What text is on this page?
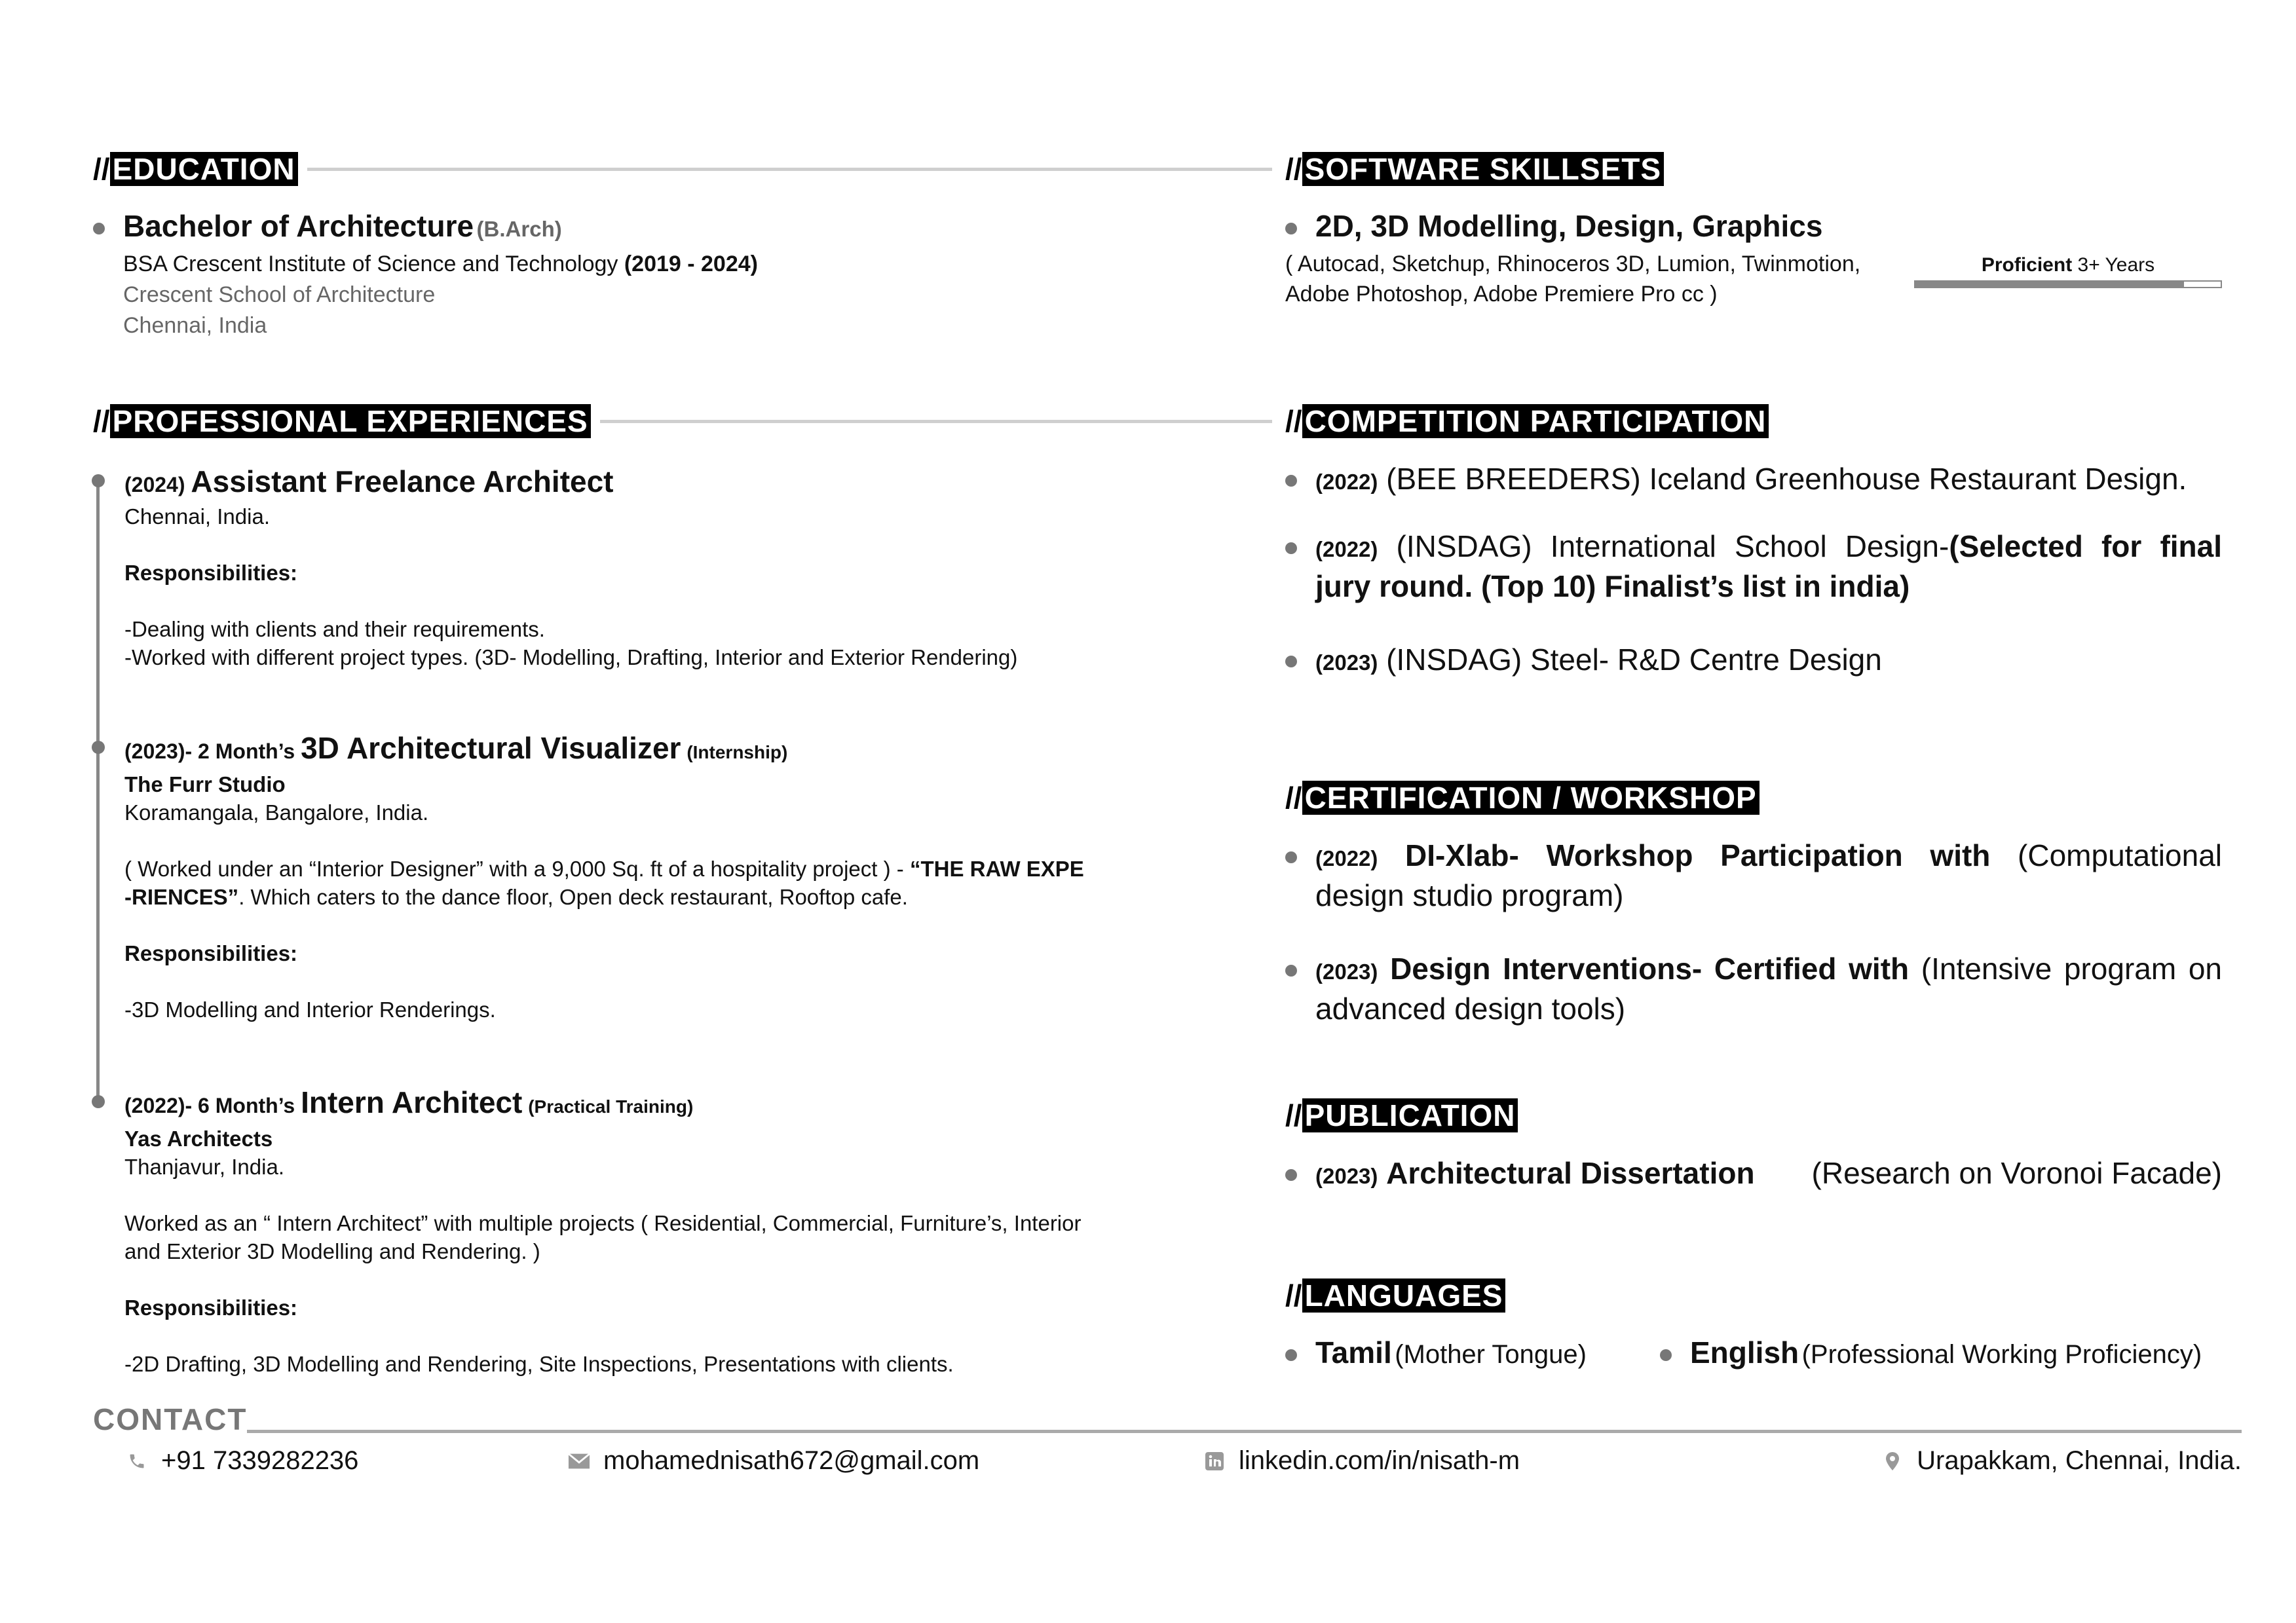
// EDUCATION
Bachelor of Architecture (B.Arch)
BSA Crescent Institute of Science and Technology (2019 - 2024)
Crescent School of Architecture
Chennai, India
// PROFESSIONAL EXPERIENCES
(2024) Assistant Freelance Architect
Chennai, India.
Responsibilities:
-Dealing with clients and their requirements.
-Worked with different project types. (3D- Modelling, Drafting, Interior and Exterior Rendering)
(2023)- 2 Month’s 3D Architectural Visualizer (Internship)
The Furr Studio
Koramangala, Bangalore, India.
( Worked under an “Interior Designer” with a 9,000 Sq. ft of a hospitality project ) - “THE RAW EXPE
-RIENCES”. Which caters to the dance floor, Open deck restaurant, Rooftop cafe.
Responsibilities:
-3D Modelling and Interior Renderings.
(2022)- 6 Month’s Intern Architect (Practical Training)
Yas Architects
Thanjavur, India.
Worked as an “ Intern Architect” with multiple projects ( Residential, Commercial, Furniture’s, Interior
and Exterior 3D Modelling and Rendering. )
Responsibilities:
-2D Drafting, 3D Modelling and Rendering, Site Inspections, Presentations with clients.
// SOFTWARE SKILLSETS
2D, 3D Modelling, Design, Graphics
( Autocad, Sketchup, Rhinoceros 3D, Lumion, Twinmotion,
Adobe Photoshop, Adobe Premiere Pro cc )
Proficient 3+ Years
// COMPETITION PARTICIPATION
(2022) (BEE BREEDERS) Iceland Greenhouse Restaurant Design.
(2022) (INSDAG) International School Design-(Selected for final jury round. (Top 10) Finalist’s list in india)
(2023) (INSDAG) Steel- R&D Centre Design
// CERTIFICATION / WORKSHOP
(2022) DI-Xlab- Workshop Participation with (Computational design studio program)
(2023) Design Interventions- Certified with (Intensive program on advanced design tools)
// PUBLICATION
(2023) Architectural Dissertation (Research on Voronoi Facade)
// LANGUAGES
Tamil (Mother Tongue)	English (Professional Working Proficiency)
CONTACT
+91 7339282236	mohamednisath672@gmail.com	linkedin.com/in/nisath-m	Urapakkam, Chennai, India.
